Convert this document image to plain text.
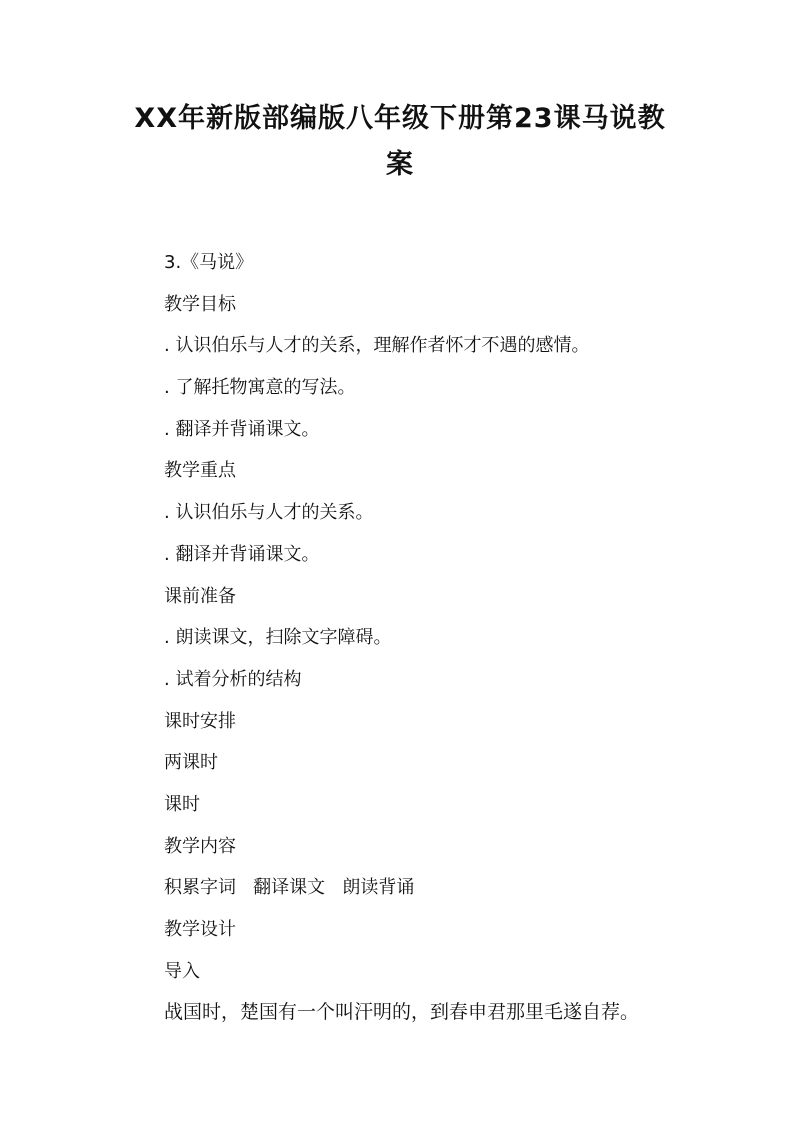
XX年新版部编版八年级下册第23课马说教
案
3.《马说》
教学目标
. 认识伯乐与人才的关系，理解作者怀才不遇的感情。
. 了解托物寓意的写法。
. 翻译并背诵课文。
教学重点
. 认识伯乐与人才的关系。
. 翻译并背诵课文。
课前准备
. 朗读课文，扫除文字障碍。
. 试着分析的结构
课时安排
两课时
课时
教学内容
积累字词   翻译课文   朗读背诵
教学设计
导入
战国时，楚国有一个叫汗明的，到春申君那里毛遂自荐。
